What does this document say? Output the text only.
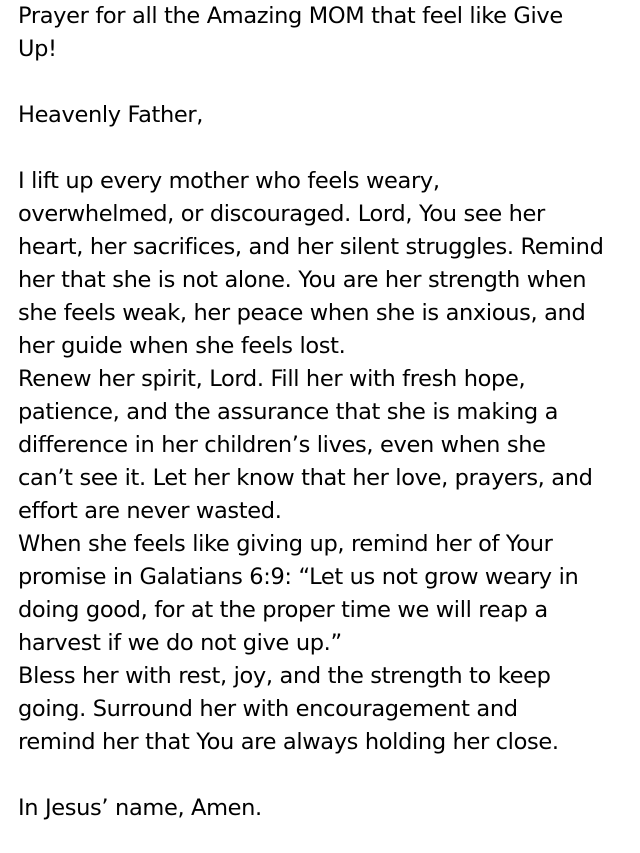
Prayer for all the Amazing MOM that feel like Give
Up!
Heavenly Father,
I lift up every mother who feels weary,
overwhelmed, or discouraged. Lord, You see her
heart, her sacrifices, and her silent struggles. Remind
her that she is not alone. You are her strength when
she feels weak, her peace when she is anxious, and
her guide when she feels lost.
Renew her spirit, Lord. Fill her with fresh hope,
patience, and the assurance that she is making a
difference in her children’s lives, even when she
can’t see it. Let her know that her love, prayers, and
effort are never wasted.
When she feels like giving up, remind her of Your
promise in Galatians 6:9: “Let us not grow weary in
doing good, for at the proper time we will reap a
harvest if we do not give up.”
Bless her with rest, joy, and the strength to keep
going. Surround her with encouragement and
remind her that You are always holding her close.
In Jesus’ name, Amen.
